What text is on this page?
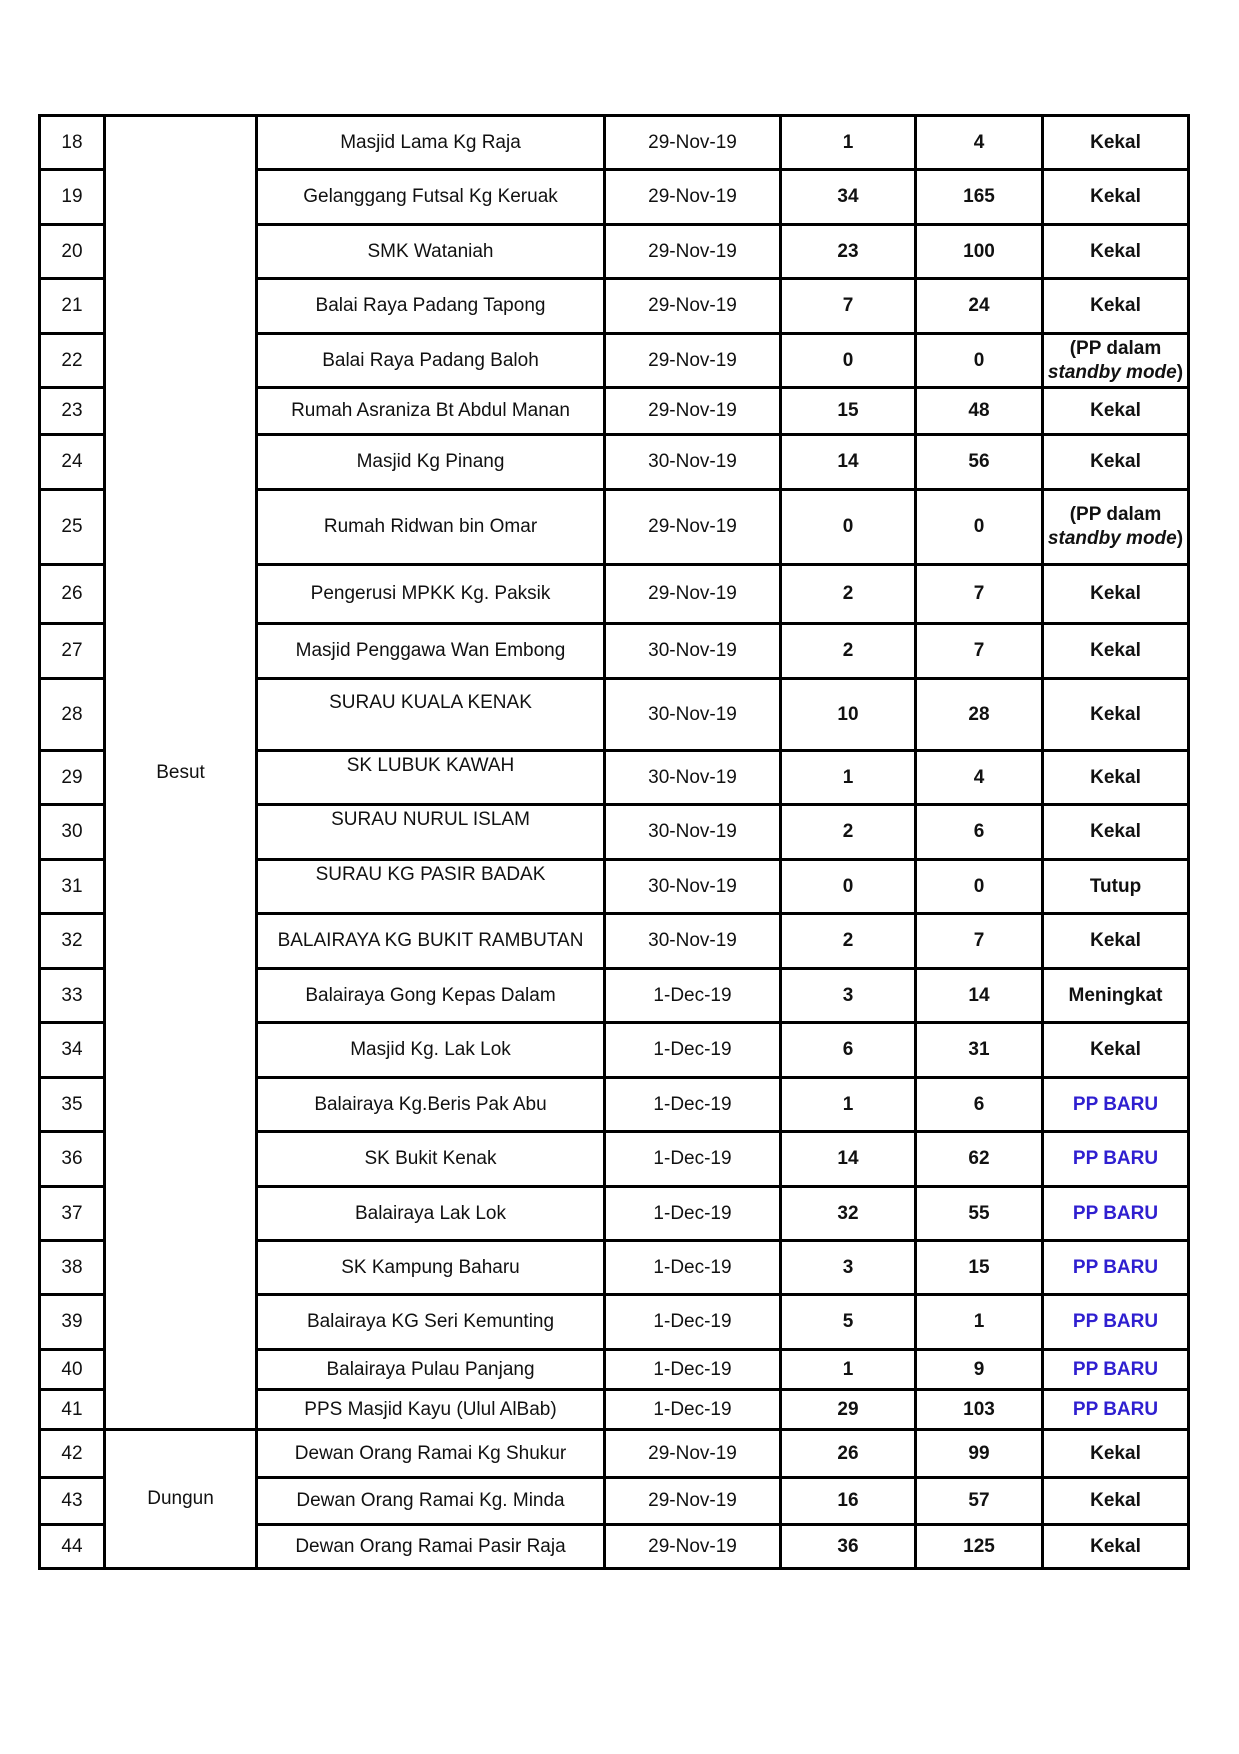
18	Besut	Masjid Lama Kg Raja	29-Nov-19	1	4	Kekal
19		Gelanggang Futsal Kg Keruak	29-Nov-19	34	165	Kekal
20		SMK Wataniah	29-Nov-19	23	100	Kekal
21		Balai Raya Padang Tapong	29-Nov-19	7	24	Kekal
22		Balai Raya Padang Baloh	29-Nov-19	0	0	(PP dalam
standby mode)
23		Rumah Asraniza Bt Abdul Manan	29-Nov-19	15	48	Kekal
24		Masjid Kg Pinang	30-Nov-19	14	56	Kekal
25		Rumah Ridwan bin Omar	29-Nov-19	0	0	(PP dalam
standby mode)
26		Pengerusi MPKK Kg. Paksik	29-Nov-19	2	7	Kekal
27		Masjid Penggawa Wan Embong	30-Nov-19	2	7	Kekal
28		SURAU KUALA KENAK	30-Nov-19	10	28	Kekal
29		SK LUBUK KAWAH	30-Nov-19	1	4	Kekal
30		SURAU NURUL ISLAM	30-Nov-19	2	6	Kekal
31		SURAU KG PASIR BADAK	30-Nov-19	0	0	Tutup
32		BALAIRAYA KG BUKIT RAMBUTAN	30-Nov-19	2	7	Kekal
33		Balairaya Gong Kepas Dalam	1-Dec-19	3	14	Meningkat
34		Masjid Kg. Lak Lok	1-Dec-19	6	31	Kekal
35		Balairaya Kg.Beris Pak Abu	1-Dec-19	1	6	PP BARU
36		SK Bukit Kenak	1-Dec-19	14	62	PP BARU
37		Balairaya Lak Lok	1-Dec-19	32	55	PP BARU
38		SK Kampung Baharu	1-Dec-19	3	15	PP BARU
39		Balairaya KG Seri Kemunting	1-Dec-19	5	1	PP BARU
40		Balairaya Pulau Panjang	1-Dec-19	1	9	PP BARU
41		PPS Masjid Kayu (Ulul AlBab)	1-Dec-19	29	103	PP BARU
42	Dungun	Dewan Orang Ramai Kg Shukur	29-Nov-19	26	99	Kekal
43		Dewan Orang Ramai Kg. Minda	29-Nov-19	16	57	Kekal
44		Dewan Orang Ramai Pasir Raja	29-Nov-19	36	125	Kekal
